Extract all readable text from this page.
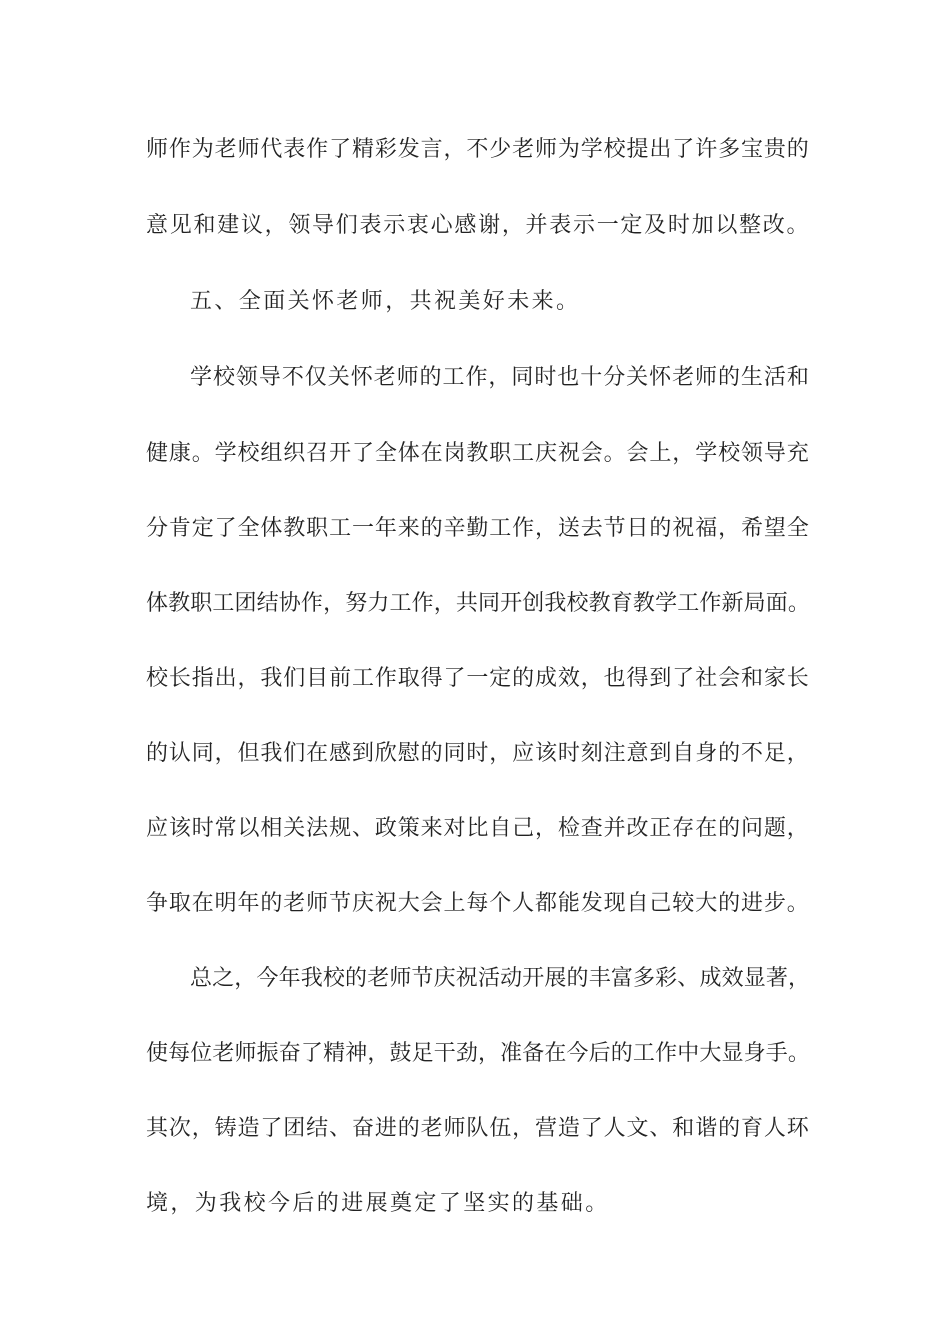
师作为老师代表作了精彩发言，不少老师为学校提出了许多宝贵的
意见和建议，领导们表示衷心感谢，并表示一定及时加以整改。
五、全面关怀老师，共祝美好未来。
学校领导不仅关怀老师的工作，同时也十分关怀老师的生活和
健康。学校组织召开了全体在岗教职工庆祝会。会上，学校领导充
分肯定了全体教职工一年来的辛勤工作，送去节日的祝福，希望全
体教职工团结协作，努力工作，共同开创我校教育教学工作新局面。
校长指出，我们目前工作取得了一定的成效，也得到了社会和家长
的认同，但我们在感到欣慰的同时，应该时刻注意到自身的不足，
应该时常以相关法规、政策来对比自己，检查并改正存在的问题，
争取在明年的老师节庆祝大会上每个人都能发现自己较大的进步。
总之，今年我校的老师节庆祝活动开展的丰富多彩、成效显著，
使每位老师振奋了精神，鼓足干劲，准备在今后的工作中大显身手。
其次，铸造了团结、奋进的老师队伍，营造了人文、和谐的育人环
境，为我校今后的进展奠定了坚实的基础。
